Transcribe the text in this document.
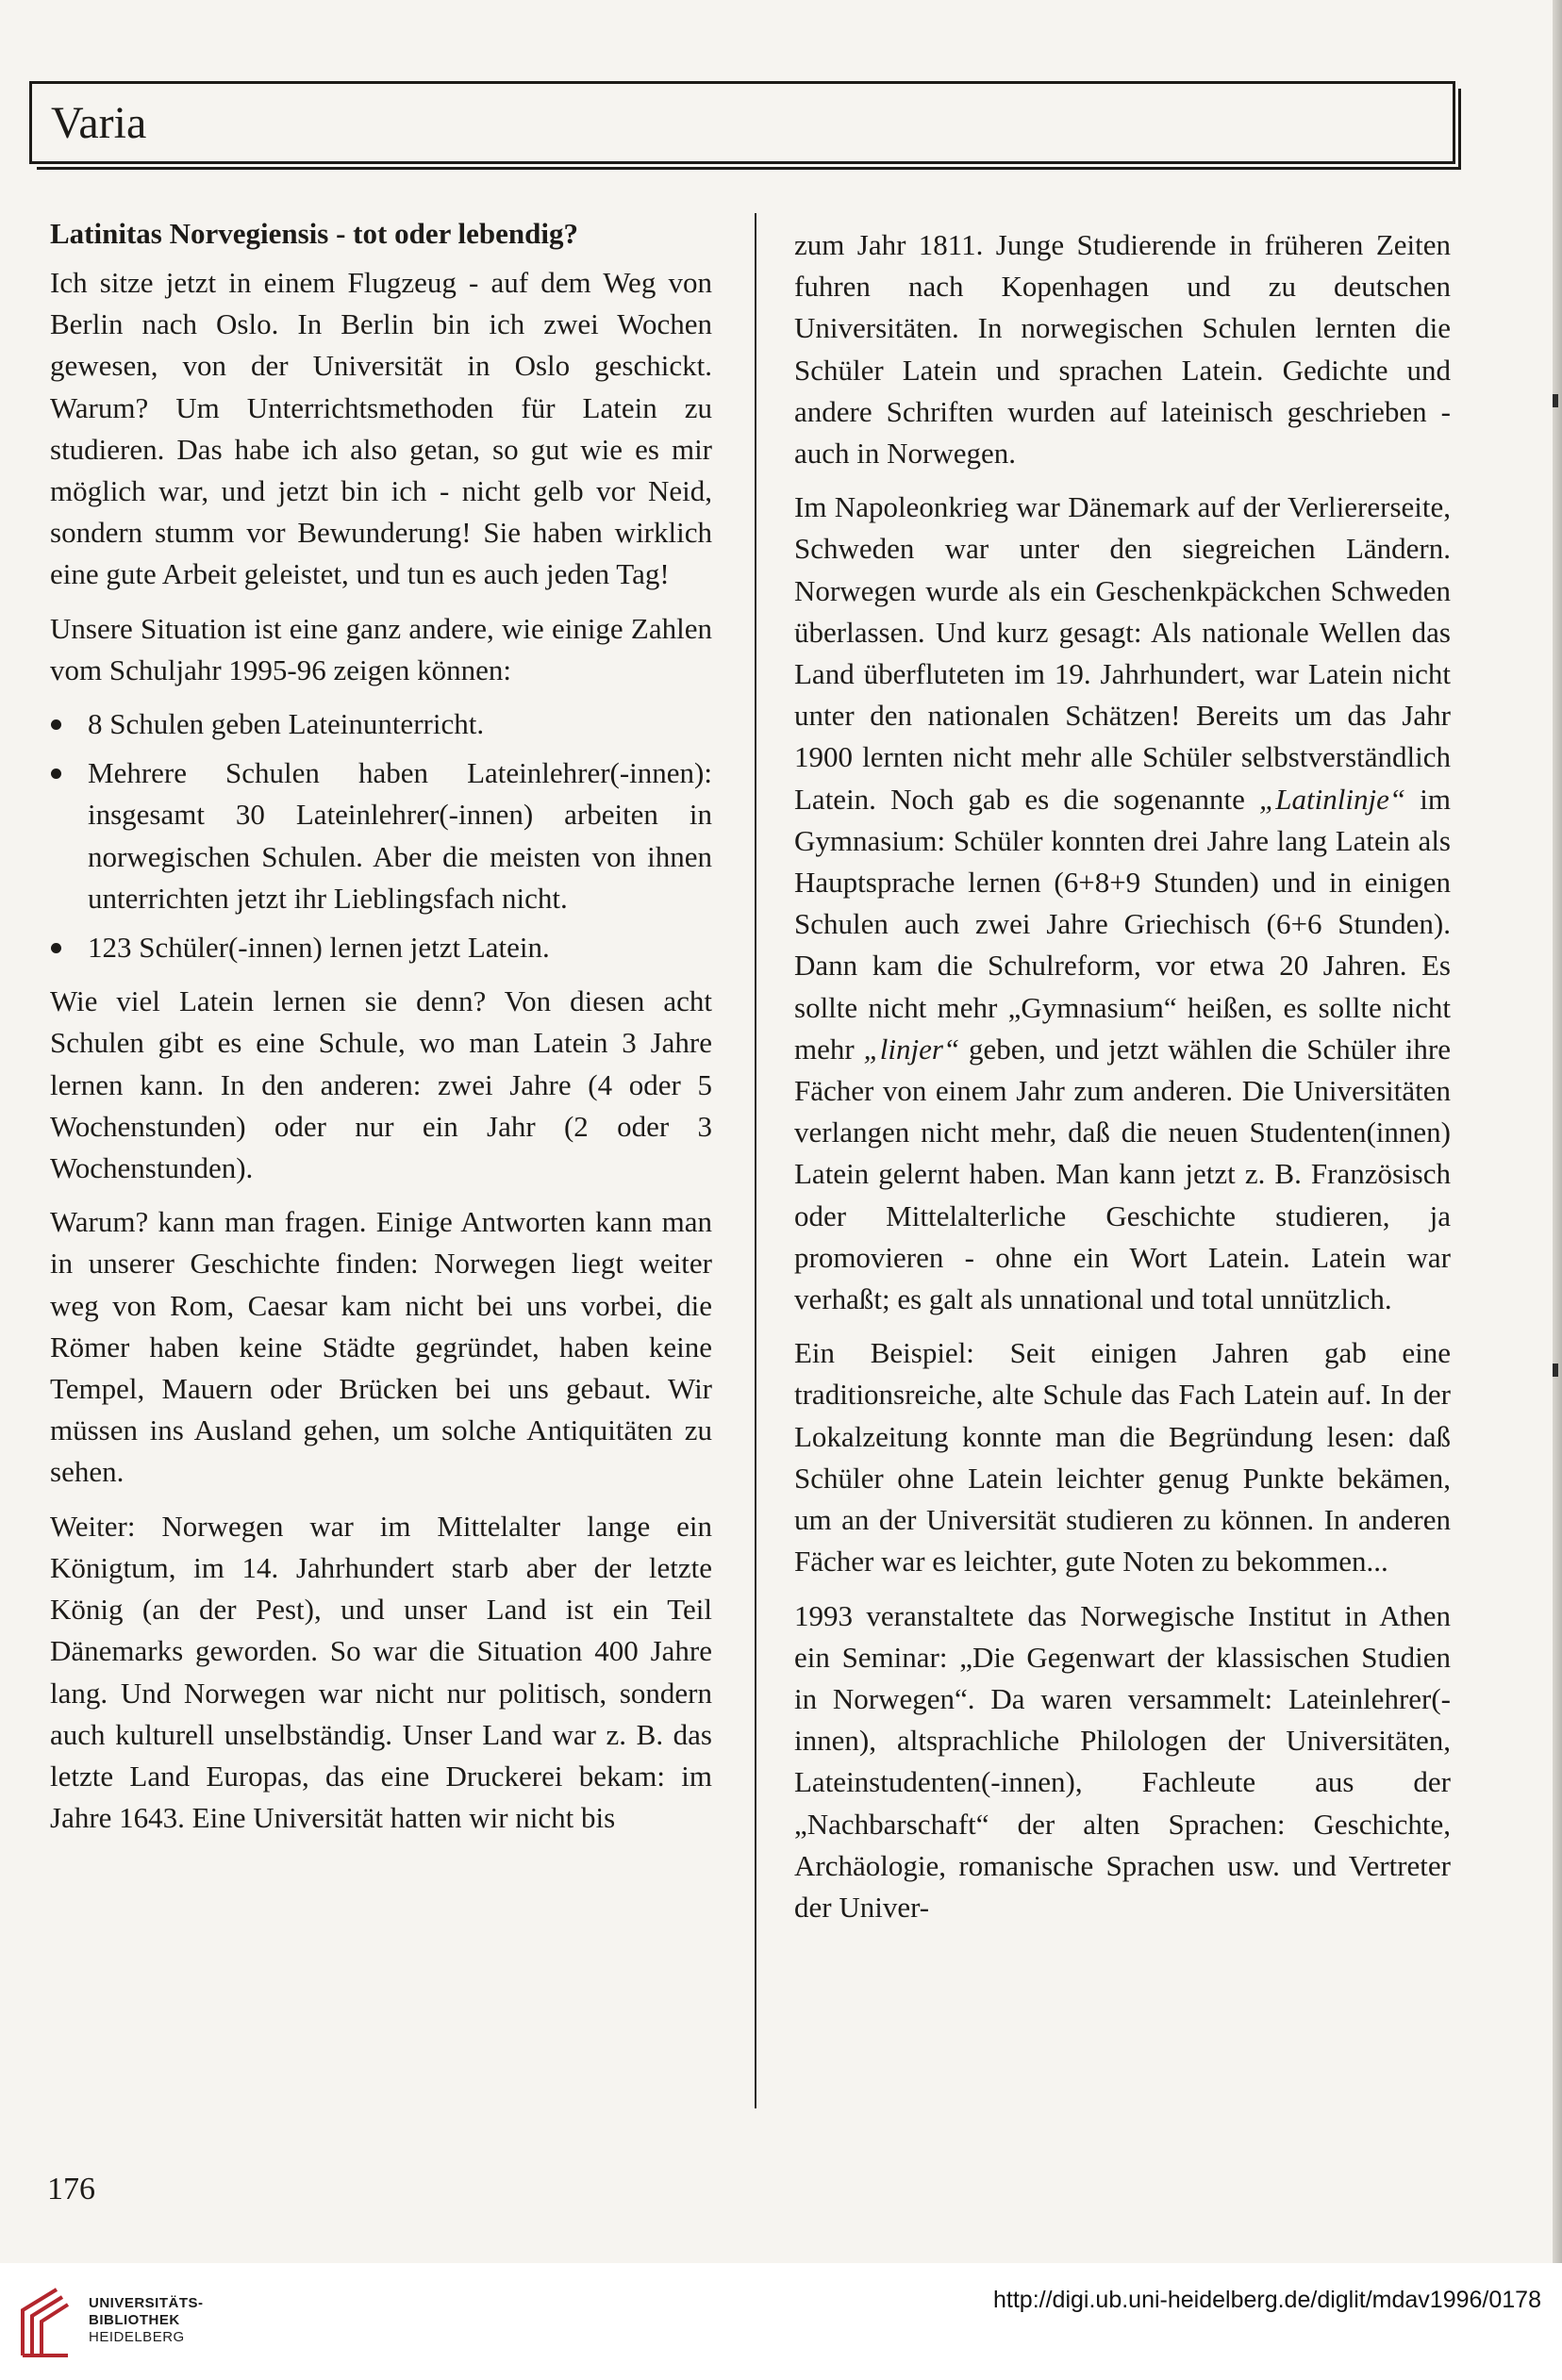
Varia
Latinitas Norvegiensis - tot oder lebendig?

Ich sitze jetzt in einem Flugzeug - auf dem Weg von Berlin nach Oslo. In Berlin bin ich zwei Wochen gewesen, von der Universität in Oslo geschickt. Warum? Um Unterrichtsmethoden für Latein zu studieren. Das habe ich also getan, so gut wie es mir möglich war, und jetzt bin ich - nicht gelb vor Neid, sondern stumm vor Bewunderung! Sie haben wirklich eine gute Arbeit geleistet, und tun es auch jeden Tag!

Unsere Situation ist eine ganz andere, wie einige Zahlen vom Schuljahr 1995-96 zeigen können:

8 Schulen geben Lateinunterricht.
Mehrere Schulen haben Lateinlehrer(-innen): insgesamt 30 Lateinlehrer(-innen) arbeiten in norwegischen Schulen. Aber die meisten von ihnen unterrichten jetzt ihr Lieblingsfach nicht.
123 Schüler(-innen) lernen jetzt Latein.

Wie viel Latein lernen sie denn? Von diesen acht Schulen gibt es eine Schule, wo man Latein 3 Jahre lernen kann. In den anderen: zwei Jahre (4 oder 5 Wochenstunden) oder nur ein Jahr (2 oder 3 Wochenstunden).

Warum? kann man fragen. Einige Antworten kann man in unserer Geschichte finden: Norwegen liegt weiter weg von Rom, Caesar kam nicht bei uns vorbei, die Römer haben keine Städte gegründet, haben keine Tempel, Mauern oder Brücken bei uns gebaut. Wir müssen ins Ausland gehen, um solche Antiquitäten zu sehen.

Weiter: Norwegen war im Mittelalter lange ein Königtum, im 14. Jahrhundert starb aber der letzte König (an der Pest), und unser Land ist ein Teil Dänemarks geworden. So war die Situation 400 Jahre lang. Und Norwegen war nicht nur politisch, sondern auch kulturell unselbständig. Unser Land war z. B. das letzte Land Europas, das eine Druckerei bekam: im Jahre 1643. Eine Universität hatten wir nicht bis

zum Jahr 1811. Junge Studierende in früheren Zeiten fuhren nach Kopenhagen und zu deutschen Universitäten. In norwegischen Schulen lernten die Schüler Latein und sprachen Latein. Gedichte und andere Schriften wurden auf lateinisch geschrieben - auch in Norwegen.

Im Napoleonkrieg war Dänemark auf der Verliererseite, Schweden war unter den siegreichen Ländern. Norwegen wurde als ein Geschenkpäckchen Schweden überlassen. Und kurz gesagt: Als nationale Wellen das Land überfluteten im 19. Jahrhundert, war Latein nicht unter den nationalen Schätzen! Bereits um das Jahr 1900 lernten nicht mehr alle Schüler selbstverständlich Latein. Noch gab es die sogenannte „Latinlinje“ im Gymnasium: Schüler konnten drei Jahre lang Latein als Hauptsprache lernen (6+8+9 Stunden) und in einigen Schulen auch zwei Jahre Griechisch (6+6 Stunden). Dann kam die Schulreform, vor etwa 20 Jahren. Es sollte nicht mehr „Gymnasium“ heißen, es sollte nicht mehr „linjer“ geben, und jetzt wählen die Schüler ihre Fächer von einem Jahr zum anderen. Die Universitäten verlangen nicht mehr, daß die neuen Studenten(innen) Latein gelernt haben. Man kann jetzt z. B. Französisch oder Mittelalterliche Geschichte studieren, ja promovieren - ohne ein Wort Latein. Latein war verhaßt; es galt als unnational und total unnützlich.

Ein Beispiel: Seit einigen Jahren gab eine traditionsreiche, alte Schule das Fach Latein auf. In der Lokalzeitung konnte man die Begründung lesen: daß Schüler ohne Latein leichter genug Punkte bekämen, um an der Universität studieren zu können. In anderen Fächer war es leichter, gute Noten zu bekommen...

1993 veranstaltete das Norwegische Institut in Athen ein Seminar: „Die Gegenwart der klassischen Studien in Norwegen“. Da waren versammelt: Lateinlehrer(-innen), altsprachliche Philologen der Universitäten, Lateinstudenten(-innen), Fachleute aus der „Nachbarschaft“ der alten Sprachen: Geschichte, Archäologie, romanische Sprachen usw. und Vertreter der Univer-

176
UNIVERSITÄTS-
BIBLIOTHEK
HEIDELBERG
http://digi.ub.uni-heidelberg.de/diglit/mdav1996/0178
